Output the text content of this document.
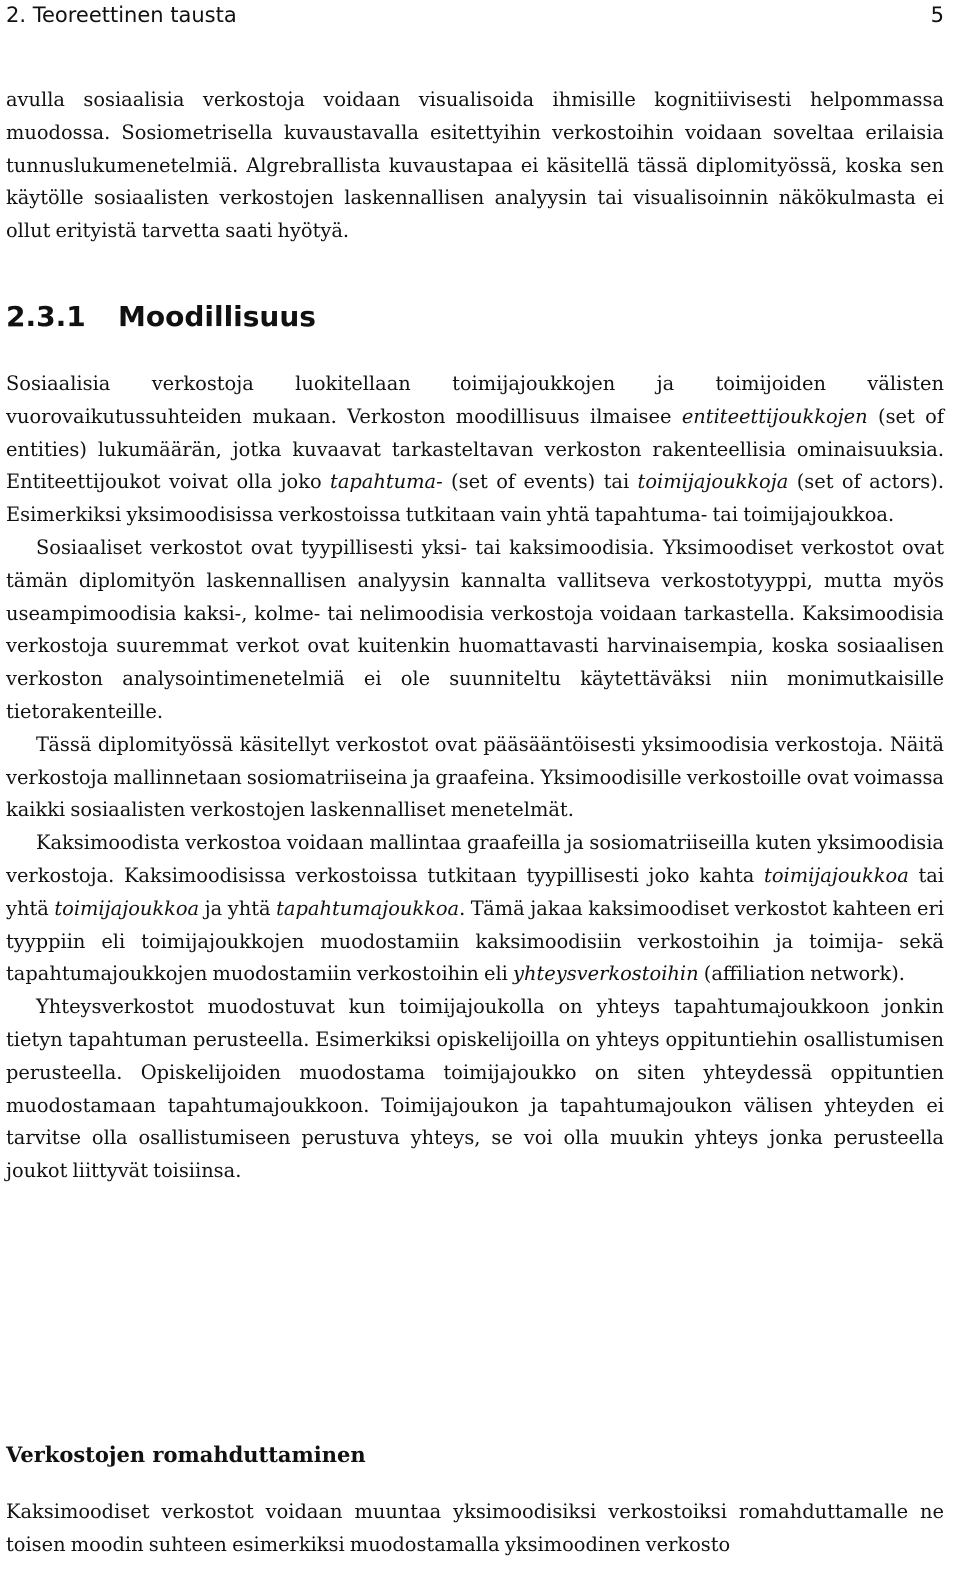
2. Teoreettinen tausta	5

avulla sosiaalisia verkostoja voidaan visualisoida ihmisille kognitiivisesti helpommassa muodossa. Sosiometrisella kuvaustavalla esitettyihin verkostoihin voidaan soveltaa erilaisia tunnuslukumenetelmiä. Algrebrallista kuvaustapaa ei käsitellä tässä diplomityössä, koska sen käytölle sosiaalisten verkostojen laskennallisen analyysin tai visualisoinnin näkökulmasta ei ollut erityistä tarvetta saati hyötyä.

2.3.1 Moodillisuus

Sosiaalisia verkostoja luokitellaan toimijajoukkojen ja toimijoiden välisten vuorovaikutussuhteiden mukaan. Verkoston moodillisuus ilmaisee entiteettijoukkojen (set of entities) lukumäärän, jotka kuvaavat tarkasteltavan verkoston rakenteellisia ominaisuuksia. Entiteettijoukot voivat olla joko tapahtuma- (set of events) tai toimijajoukkoja (set of actors). Esimerkiksi yksimoodisissa verkostoissa tutkitaan vain yhtä tapahtuma- tai toimijajoukkoa.

Sosiaaliset verkostot ovat tyypillisesti yksi- tai kaksimoodisia. Yksimoodiset verkostot ovat tämän diplomityön laskennallisen analyysin kannalta vallitseva verkostotyyppi, mutta myös useampimoodisia kaksi-, kolme- tai nelimoodisia verkostoja voidaan tarkastella. Kaksimoodisia verkostoja suuremmat verkot ovat kuitenkin huomattavasti harvinaisempia, koska sosiaalisen verkoston analysointimenetelmiä ei ole suunniteltu käytettäväksi niin monimutkaisille tietorakenteille.

Tässä diplomityössä käsitellyt verkostot ovat pääsääntöisesti yksimoodisia verkostoja. Näitä verkostoja mallinnetaan sosiomatriiseina ja graafeina. Yksimoodisille verkostoille ovat voimassa kaikki sosiaalisten verkostojen laskennalliset menetelmät.

Kaksimoodista verkostoa voidaan mallintaa graafeilla ja sosiomatriiseilla kuten yksimoodisia verkostoja. Kaksimoodisissa verkostoissa tutkitaan tyypillisesti joko kahta toimijajoukkoa tai yhtä toimijajoukkoa ja yhtä tapahtumajoukkoa. Tämä jakaa kaksimoodiset verkostot kahteen eri tyyppiin eli toimijajoukkojen muodostamiin kaksimoodisiin verkostoihin ja toimija- sekä tapahtumajoukkojen muodostamiin verkostoihin eli yhteysverkostoihin (affiliation network).

Yhteysverkostot muodostuvat kun toimijajoukolla on yhteys tapahtumajoukkoon jonkin tietyn tapahtuman perusteella. Esimerkiksi opiskelijoilla on yhteys oppituntiehin osallistumisen perusteella. Opiskelijoiden muodostama toimijajoukko on siten yhteydessä oppituntien muodostamaan tapahtumajoukkoon. Toimijajoukon ja tapahtumajoukon välisen yhteyden ei tarvitse olla osallistumiseen perustuva yhteys, se voi olla muukin yhteys jonka perusteella joukot liittyvät toisiinsa.

Verkostojen romahduttaminen

Kaksimoodiset verkostot voidaan muuntaa yksimoodisiksi verkostoiksi romahduttamalle ne toisen moodin suhteen esimerkiksi muodostamalla yksimoodinen verkosto
